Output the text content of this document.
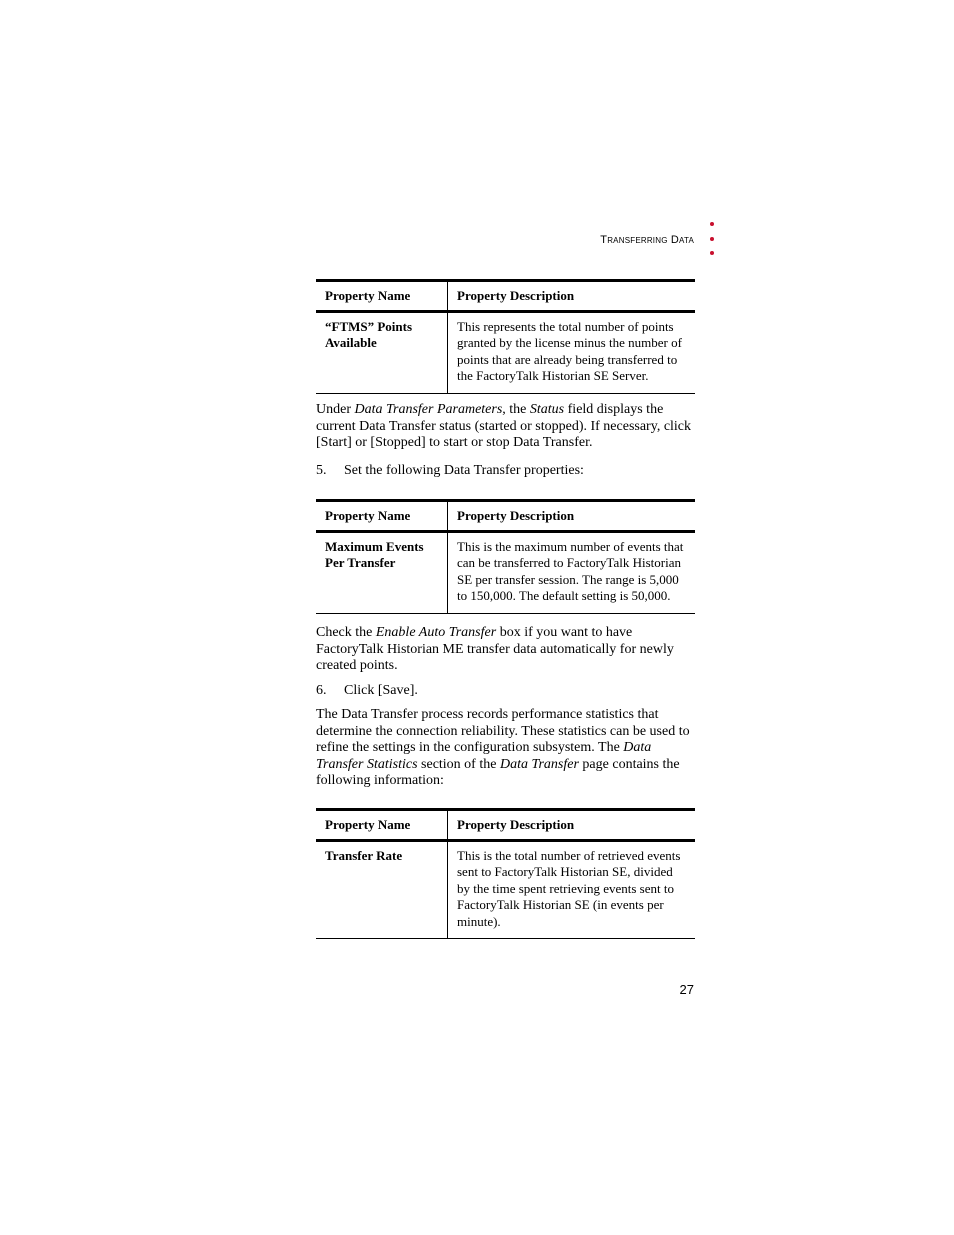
Transferring Data
Property Name	Property Description
“FTMS” Points Available	This represents the total number of points granted by the license minus the number of points that are already being transferred to the FactoryTalk Historian SE Server.

Under Data Transfer Parameters, the Status field displays the current Data Transfer status (started or stopped). If necessary, click [Start] or [Stopped] to start or stop Data Transfer.

5. Set the following Data Transfer properties:
Property Name	Property Description
Maximum Events Per Transfer	This is the maximum number of events that can be transferred to FactoryTalk Historian SE per transfer session. The range is 5,000 to 150,000. The default setting is 50,000.

Check the Enable Auto Transfer box if you want to have FactoryTalk Historian ME transfer data automatically for newly created points.

6. Click [Save].

The Data Transfer process records performance statistics that determine the connection reliability. These statistics can be used to refine the settings in the configuration subsystem. The Data Transfer Statistics section of the Data Transfer page contains the following information:

Property Name	Property Description
Transfer Rate	This is the total number of retrieved events sent to FactoryTalk Historian SE, divided by the time spent retrieving events sent to FactoryTalk Historian SE (in events per minute).
27
